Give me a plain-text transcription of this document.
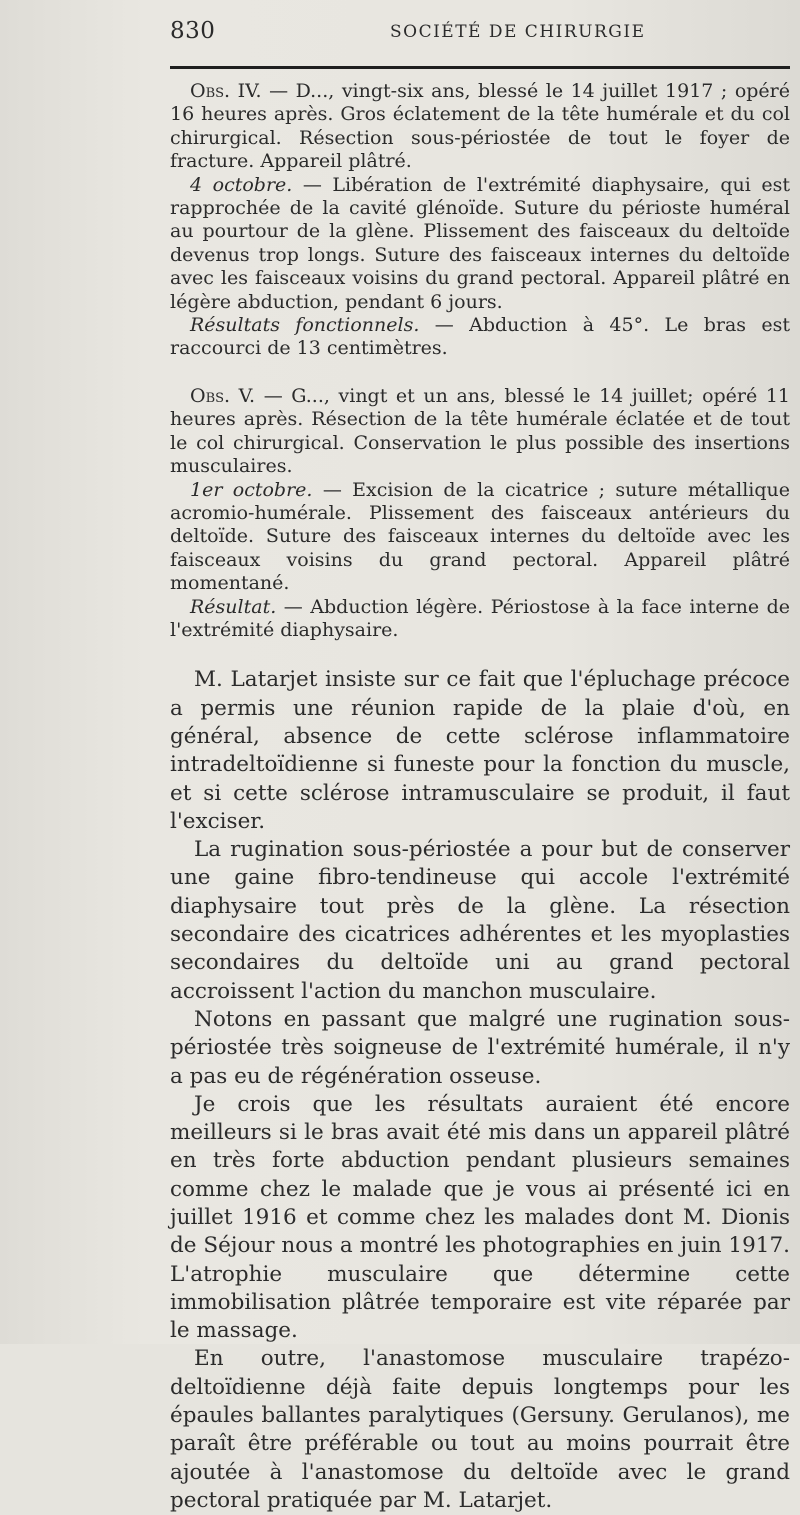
830	SOCIÉTÉ DE CHIRURGIE

Obs. IV. — D..., vingt-six ans, blessé le 14 juillet 1917 ; opéré 16 heures après. Gros éclatement de la tête humérale et du col chirurgical. Résection sous-périostée de tout le foyer de fracture. Appareil plâtré.

4 octobre. — Libération de l'extrémité diaphysaire, qui est rapprochée de la cavité glénoïde. Suture du périoste huméral au pourtour de la glène. Plissement des faisceaux du deltoïde devenus trop longs. Suture des faisceaux internes du deltoïde avec les faisceaux voisins du grand pectoral. Appareil plâtré en légère abduction, pendant 6 jours.

Résultats fonctionnels. — Abduction à 45°. Le bras est raccourci de 13 centimètres.

Obs. V. — G..., vingt et un ans, blessé le 14 juillet; opéré 11 heures après. Résection de la tête humérale éclatée et de tout le col chirurgical. Conservation le plus possible des insertions musculaires.

1er octobre. — Excision de la cicatrice ; suture métallique acromio-humérale. Plissement des faisceaux antérieurs du deltoïde. Suture des faisceaux internes du deltoïde avec les faisceaux voisins du grand pectoral. Appareil plâtré momentané.

Résultat. — Abduction légère. Périostose à la face interne de l'extrémité diaphysaire.

M. Latarjet insiste sur ce fait que l'épluchage précoce a permis une réunion rapide de la plaie d'où, en général, absence de cette sclérose inflammatoire intradeltoïdienne si funeste pour la fonction du muscle, et si cette sclérose intramusculaire se produit, il faut l'exciser.

La rugination sous-périostée a pour but de conserver une gaine fibro-tendineuse qui accole l'extrémité diaphysaire tout près de la glène. La résection secondaire des cicatrices adhérentes et les myoplasties secondaires du deltoïde uni au grand pectoral accroissent l'action du manchon musculaire.

Notons en passant que malgré une rugination sous-périostée très soigneuse de l'extrémité humérale, il n'y a pas eu de régénération osseuse.

Je crois que les résultats auraient été encore meilleurs si le bras avait été mis dans un appareil plâtré en très forte abduction pendant plusieurs semaines comme chez le malade que je vous ai présenté ici en juillet 1916 et comme chez les malades dont M. Dionis de Séjour nous a montré les photographies en juin 1917. L'atrophie musculaire que détermine cette immobilisation plâtrée temporaire est vite réparée par le massage.

En outre, l'anastomose musculaire trapézo-deltoïdienne déjà faite depuis longtemps pour les épaules ballantes paralytiques (Gersuny. Gerulanos), me paraît être préférable ou tout au moins pourrait être ajoutée à l'anastomose du deltoïde avec le grand pectoral pratiquée par M. Latarjet.
